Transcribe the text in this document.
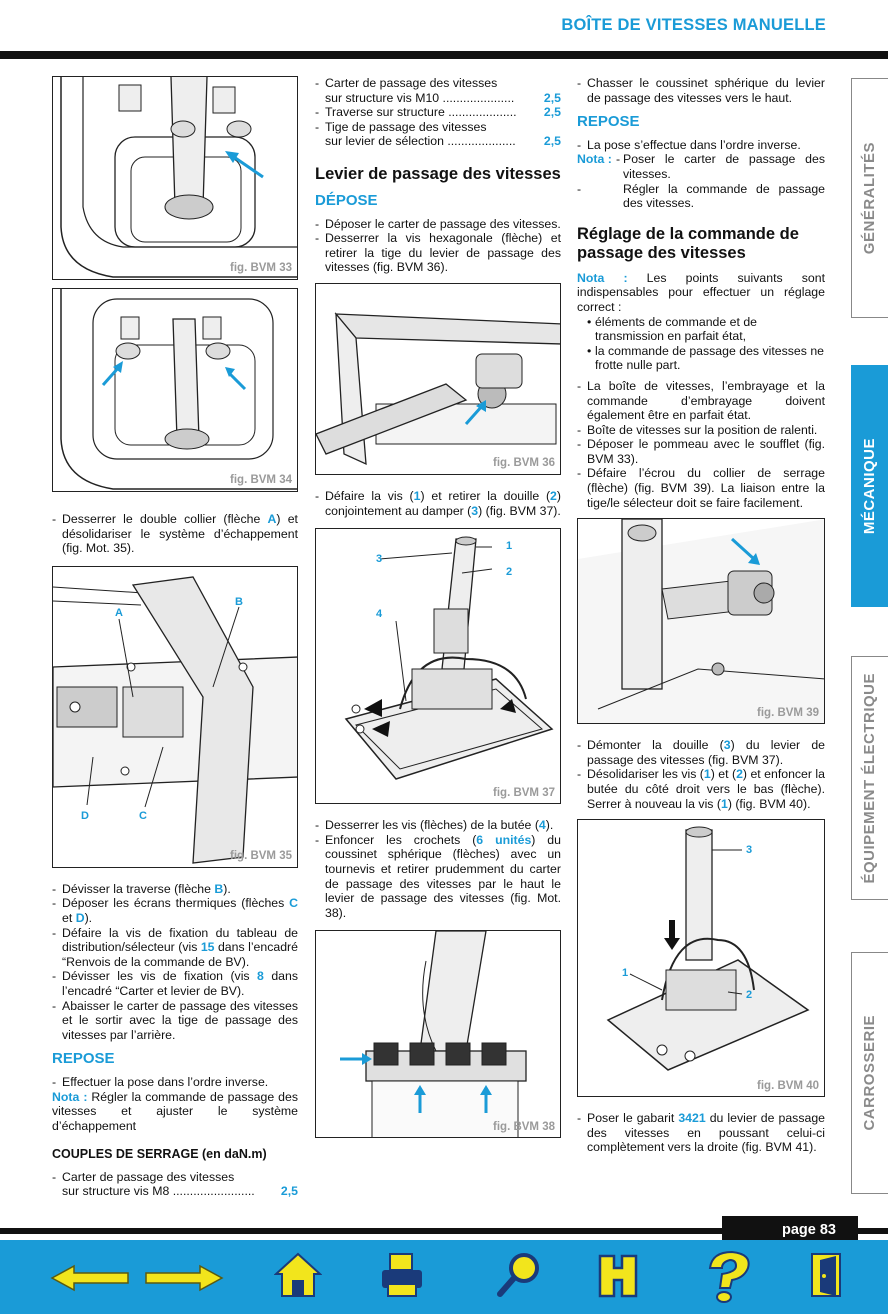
BOÎTE DE VITESSES MANUELLE
fig. BVM 33
fig. BVM 34
- Desserrer le double collier (flèche A) et désolidariser le système d’échappement (fig. Mot. 35).
A
B
C
D
fig. BVM 35
- Dévisser la traverse (flèche B).
- Déposer les écrans thermiques (flèches C et D).
- Défaire la vis de fixation du tableau de distribution/sélecteur (vis 15 dans l’encadré “Renvois de la commande de BV).
- Dévisser les vis de fixation (vis 8 dans l’encadré “Carter et levier de BV).
- Abaisser le carter de passage des vitesses et le sortir avec la tige de passage des vitesses par l’arrière.
REPOSE
- Effectuer la pose dans l’ordre inverse.
Nota : Régler la commande de passage des vitesses et ajuster le système d’échappement
COUPLES DE SERRAGE (en daN.m)
- Carter de passage des vitesses
sur structure vis M8 ........................	2,5
- Carter de passage des vitesses
sur structure vis M10 .....................	2,5
- Traverse sur structure ....................	2,5
- Tige de passage des vitesses
sur levier de sélection ....................	2,5
Levier de passage des vitesses
DÉPOSE
- Déposer le carter de passage des vitesses.
- Desserrer la vis hexagonale (flèche) et retirer la tige du levier de passage des vitesses (fig. BVM 36).
fig. BVM 36
- Défaire la vis (1) et retirer la douille (2) conjointement au damper (3) (fig. BVM 37).
3
1
2
4
fig. BVM 37
- Desserrer les vis (flèches) de la butée (4).
- Enfoncer les crochets (6 unités) du coussinet sphérique (flèches) avec un tournevis et retirer prudemment du carter de passage des vitesses par le haut le levier de passage des vitesses (fig. Mot. 38).
fig. BVM 38
- Chasser le coussinet sphérique du levier de passage des vitesses vers le haut.
REPOSE
- La pose s’effectue dans l’ordre inverse.
Nota : - Poser le carter de passage des vitesses.
-	Régler la commande de passage des vitesses.
Réglage de la commande de passage des vitesses
Nota : Les points suivants sont indispensables pour effectuer un réglage correct :
• éléments de commande et de transmission en parfait état,
• la commande de passage des vitesses ne frotte nulle part.
- La boîte de vitesses, l’embrayage et la commande d’embrayage doivent également être en parfait état.
- Boîte de vitesses sur la position de ralenti.
- Déposer le pommeau avec le soufflet (fig. BVM 33).
- Défaire l’écrou du collier de serrage (flèche) (fig. BVM 39). La liaison entre la tige/le sélecteur doit se faire facilement.
fig. BVM 39
- Démonter la douille (3) du levier de passage des vitesses (fig. BVM 37).
- Désolidariser les vis (1) et (2) et enfoncer la butée du côté droit vers le bas (flèche). Serrer à nouveau la vis (1) (fig. BVM 40).
1
2
3
fig. BVM 40
- Poser le gabarit 3421 du levier de passage des vitesses en poussant celui-ci complètement vers la droite (fig. BVM 41).
GÉNÉRALITÉS
MÉCANIQUE
ÉQUIPEMENT ÉLECTRIQUE
CARROSSERIE
page 83
